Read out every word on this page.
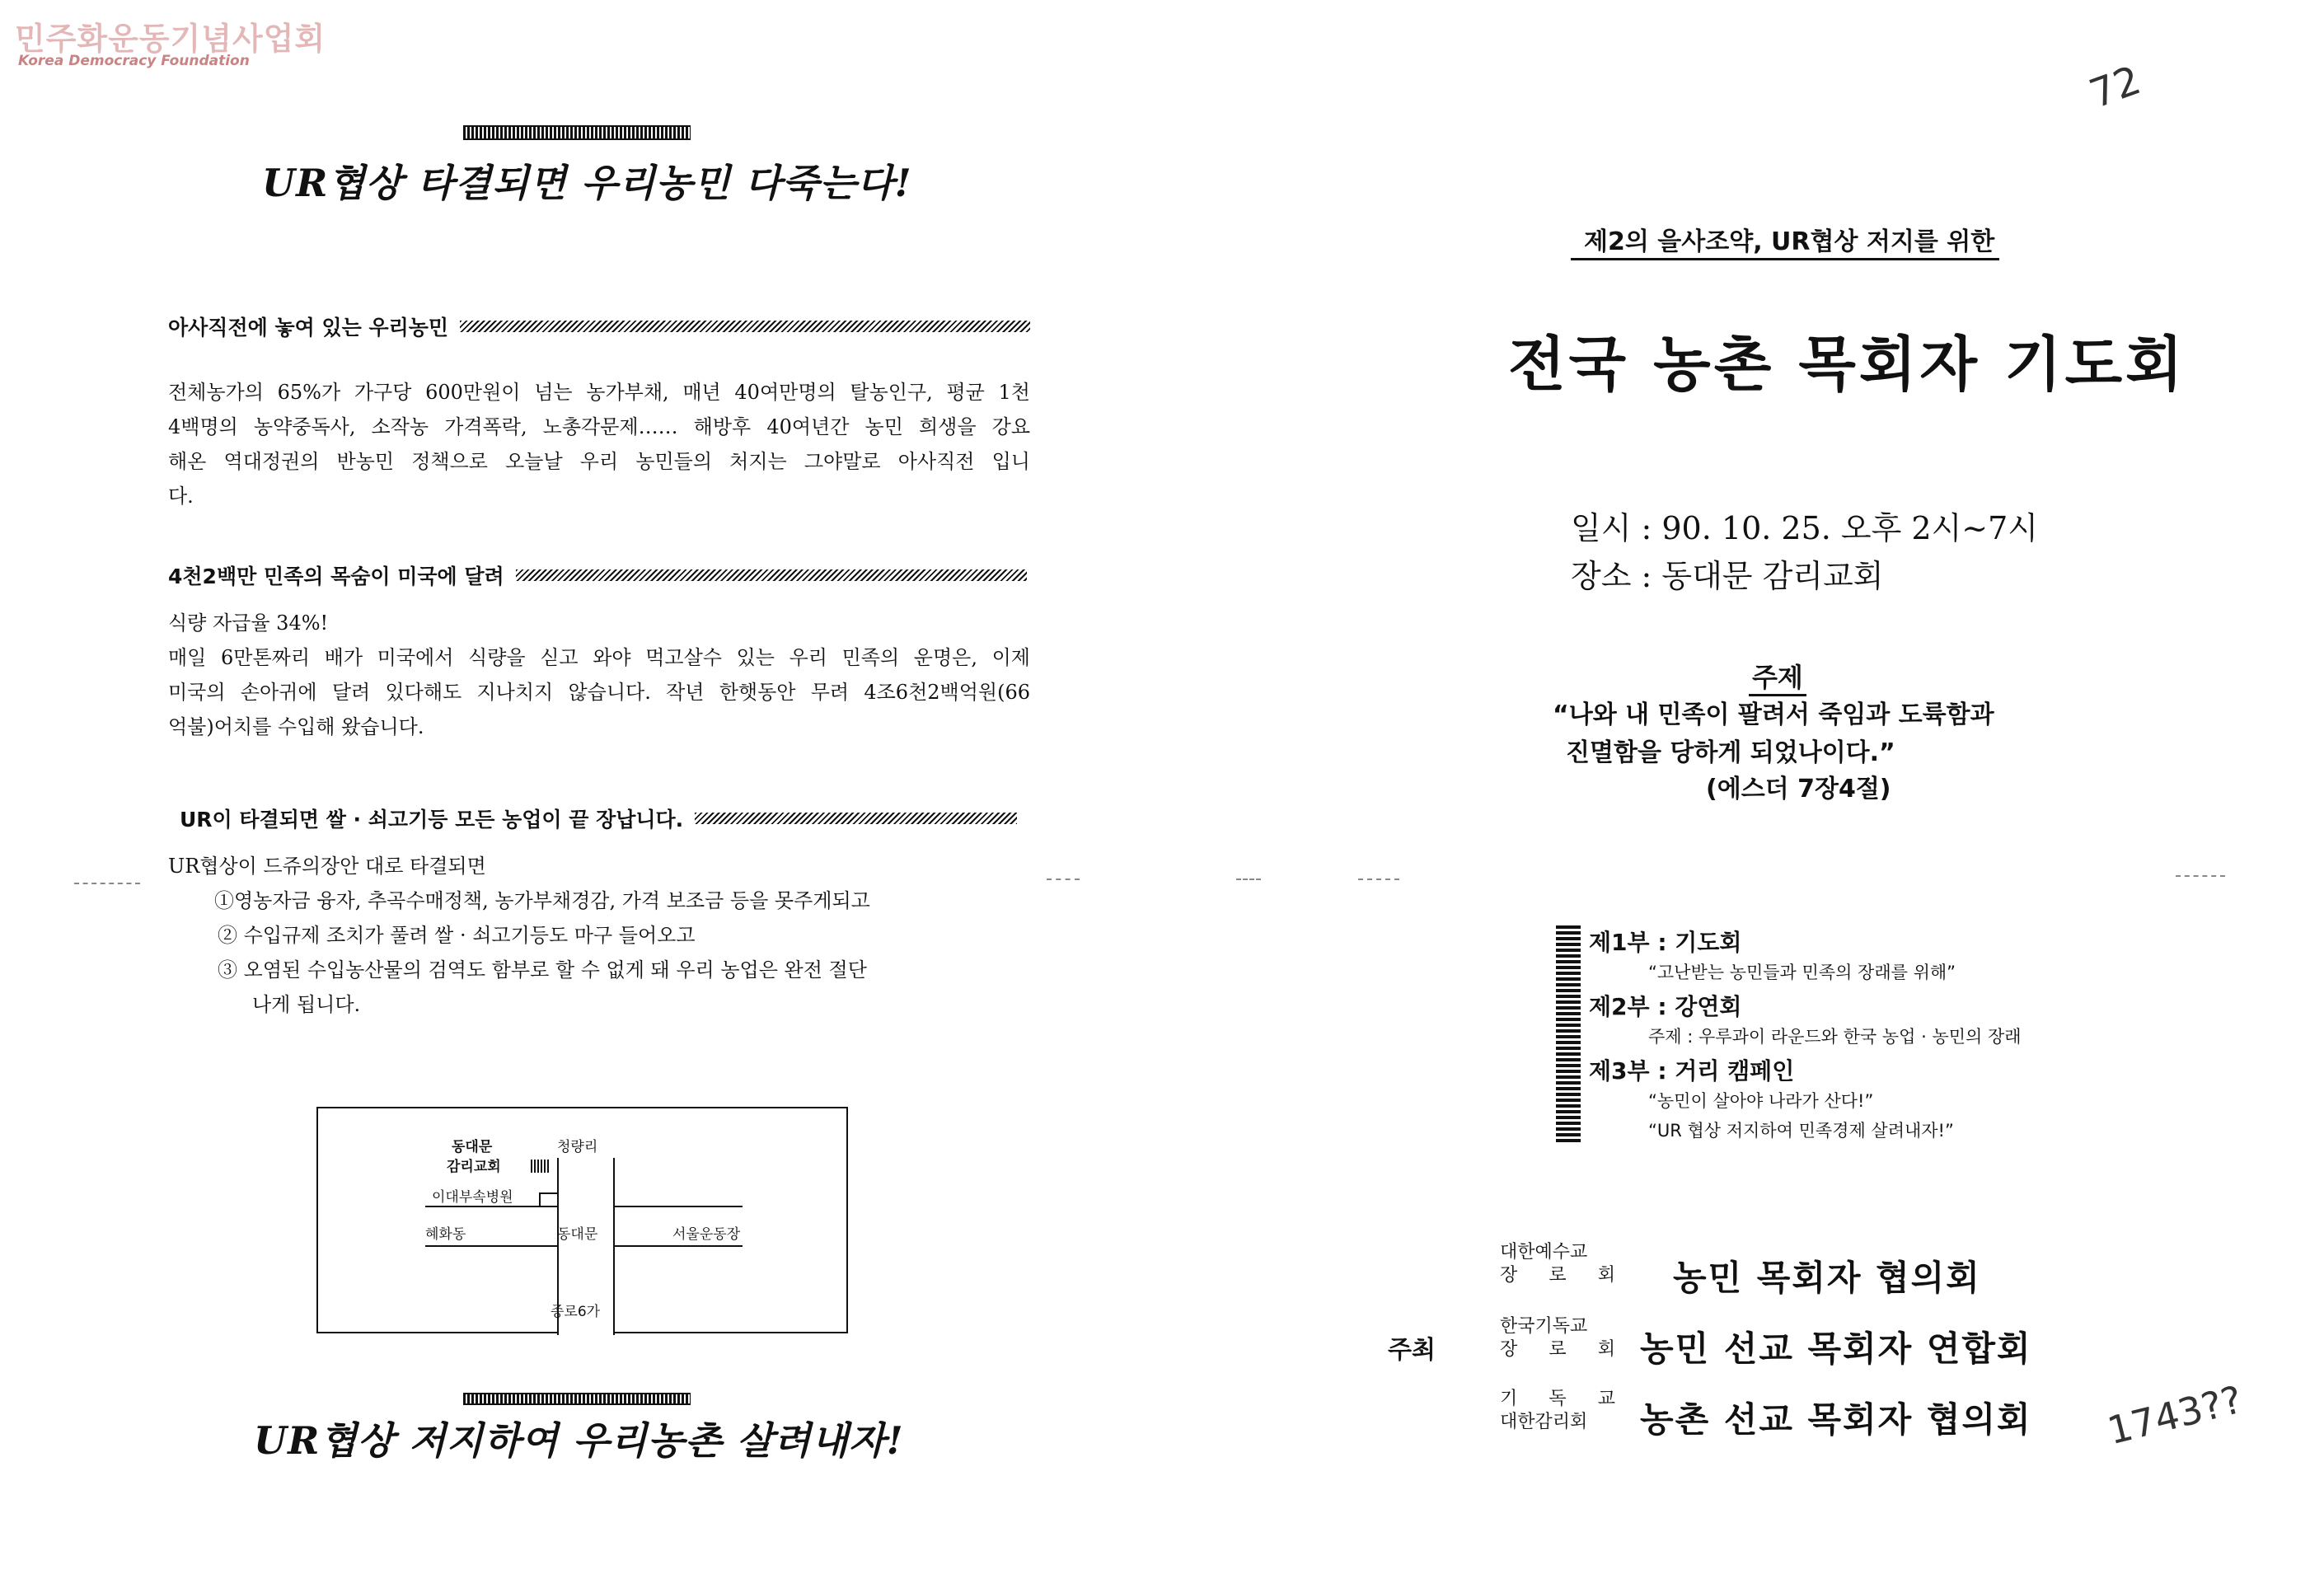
민주화운동기념사업회
Korea Democracy Foundation
UR협상 타결되면 우리농민 다죽는다!
아사직전에 놓여 있는 우리농민
전체농가의 65%가 가구당 600만원이 넘는 농가부채, 매년 40여만명의 탈농인구, 평균 1천
4백명의 농약중독사, 소작농 가격폭락, 노총각문제…… 해방후 40여년간 농민 희생을 강요
해온 역대정권의 반농민 정책으로 오늘날 우리 농민들의 처지는 그야말로 아사직전 입니
다.
4천2백만 민족의 목숨이 미국에 달려
식량 자급율 34%!
매일 6만톤짜리 배가 미국에서 식량을 싣고 와야 먹고살수 있는 우리 민족의 운명은, 이제
미국의 손아귀에 달려 있다해도 지나치지 않습니다. 작년 한햇동안 무려 4조6천2백억원(66
억불)어치를 수입해 왔습니다.
UR이 타결되면 쌀 · 쇠고기등 모든 농업이 끝 장납니다.
UR협상이 드쥬의장안 대로 타결되면
①영농자금 융자, 추곡수매정책, 농가부채경감, 가격 보조금 등을 못주게되고
② 수입규제 조치가 풀려 쌀 · 쇠고기등도 마구 들어오고
③ 오염된 수입농산물의 검역도 함부로 할 수 없게 돼 우리 농업은 완전 절단
나게 됩니다.
동대문
감리교회
청량리
이대부속병원
혜화동	동대문	서울운동장
종로6가
UR협상 저지하여 우리농촌 살려내자!
72
제2의 을사조약, UR협상 저지를 위한
전국 농촌 목회자 기도회
일시 : 90. 10. 25. 오후 2시~7시
장소 : 동대문 감리교회
주제
“나와 내 민족이 팔려서 죽임과 도륙함과
진멸함을 당하게 되었나이다.”
(에스더 7장4절)
제1부 : 기도회
“고난받는 농민들과 민족의 장래를 위해”
제2부 : 강연회
주제 : 우루과이 라운드와 한국 농업 · 농민의 장래
제3부 : 거리 캠페인
“농민이 살아야 나라가 산다!”
“UR 협상 저지하여 민족경제 살려내자!”
주최
대한예수교
장 로 회 농민 목회자 협의회
한국기독교
장 로 회 농민 선교 목회자 연합회
기 독 교
대한감리회	농촌 선교 목회자 협의회 1743??
